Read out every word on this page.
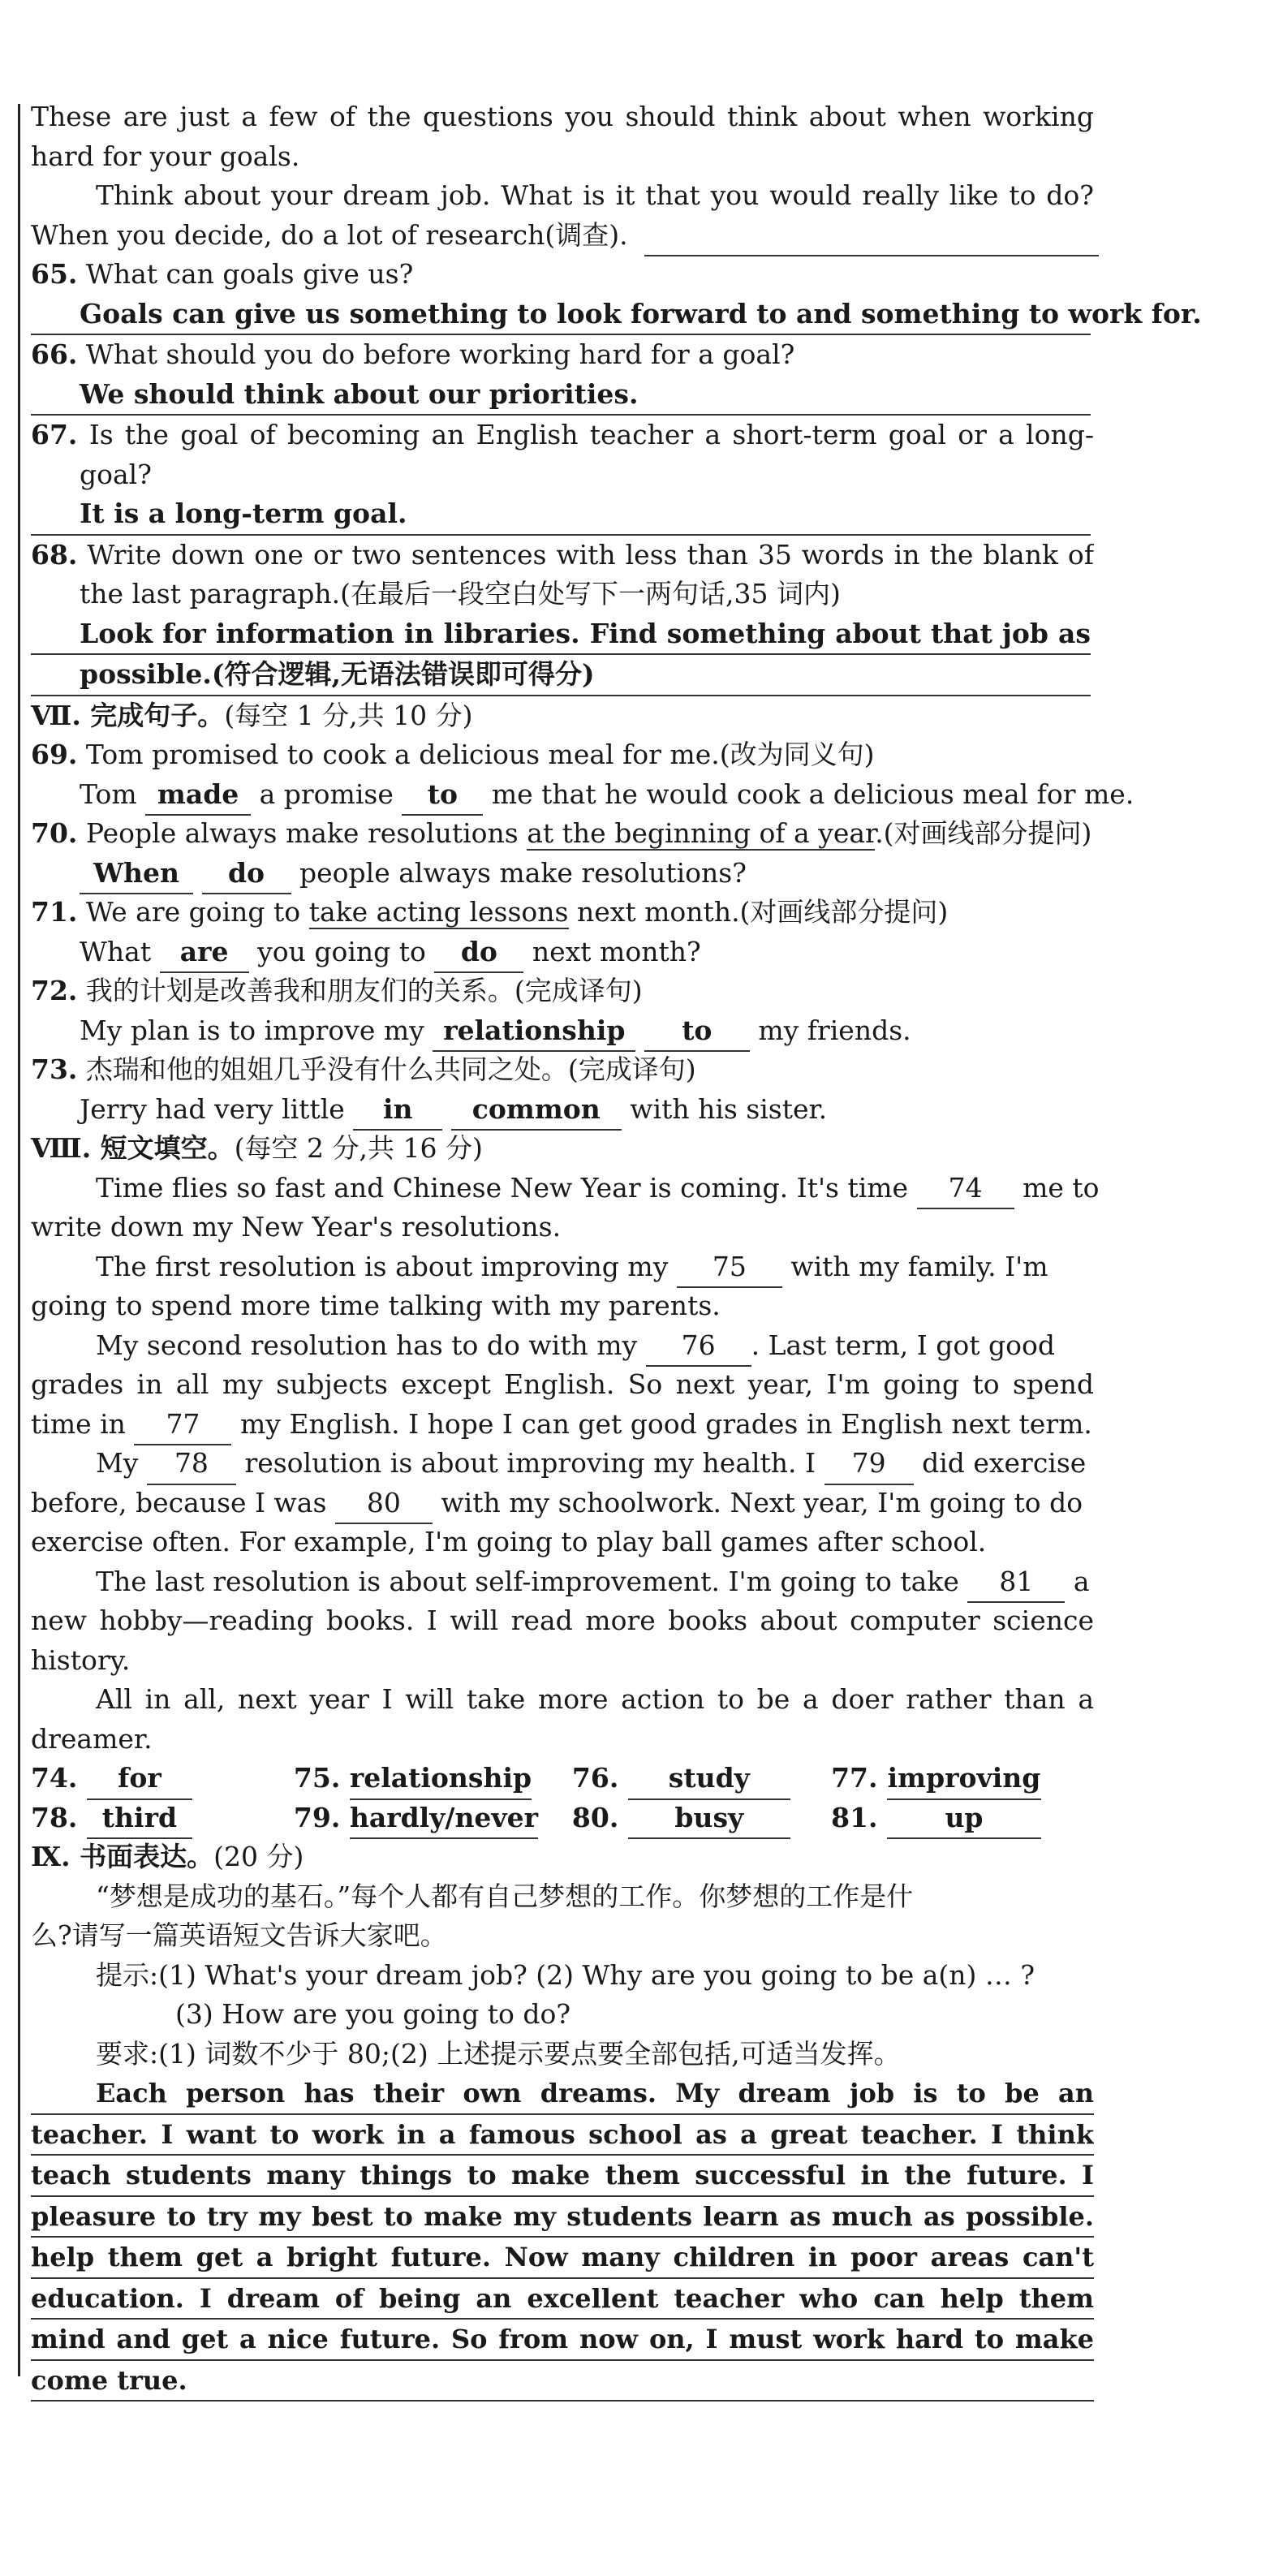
These are just a few of the questions you should think about when working
hard for your goals.
Think about your dream job. What is it that you would really like to do?
When you decide, do a lot of research(调查).
65. What can goals give us?
Goals can give us something to look forward to and something to work for.
66. What should you do before working hard for a goal?
We should think about our priorities.
67. Is the goal of becoming an English teacher a short-term goal or a long-
goal?
It is a long-term goal.
68. Write down one or two sentences with less than 35 words in the blank of
the last paragraph.(在最后一段空白处写下一两句话,35 词内)
Look for information in libraries. Find something about that job as
possible.(符合逻辑,无语法错误即可得分)
Ⅶ. 完成句子。(每空 1 分,共 10 分)
69. Tom promised to cook a delicious meal for me.(改为同义句)
Tom made a promise to me that he would cook a delicious meal for me.
70. People always make resolutions at the beginning of a year.(对画线部分提问)
When do people always make resolutions?
71. We are going to take acting lessons next month.(对画线部分提问)
What are you going to do next month?
72. 我的计划是改善我和朋友们的关系。(完成译句)
My plan is to improve my relationship to my friends.
73. 杰瑞和他的姐姐几乎没有什么共同之处。(完成译句)
Jerry had very little in common with his sister.
Ⅷ. 短文填空。(每空 2 分,共 16 分)
Time flies so fast and Chinese New Year is coming. It's time 74 me to
write down my New Year's resolutions.
The first resolution is about improving my 75 with my family. I'm
going to spend more time talking with my parents.
My second resolution has to do with my 76 . Last term, I got good
grades in all my subjects except English. So next year, I'm going to spend
time in 77 my English. I hope I can get good grades in English next term.
My 78 resolution is about improving my health. I 79 did exercise
before, because I was 80 with my schoolwork. Next year, I'm going to do
exercise often. For example, I'm going to play ball games after school.
The last resolution is about self-improvement. I'm going to take 81 a
new hobby—reading books. I will read more books about computer science
history.
All in all, next year I will take more action to be a doer rather than a
dreamer.
74. for	75. relationship	76. study	77. improving
78. third	79. hardly/never	80. busy	81.	up
Ⅸ. 书面表达。(20 分)
“梦想是成功的基石。”每个人都有自己梦想的工作。你梦想的工作是什
么?请写一篇英语短文告诉大家吧。
提示:(1) What's your dream job? (2) Why are you going to be a(n) … ?
(3) How are you going to do?
要求:(1) 词数不少于 80;(2) 上述提示要点要全部包括,可适当发挥。
Each person has their own dreams. My dream job is to be an
teacher. I want to work in a famous school as a great teacher. I think
teach students many things to make them successful in the future. I
pleasure to try my best to make my students learn as much as possible.
help them get a bright future. Now many children in poor areas can't
education. I dream of being an excellent teacher who can help them
mind and get a nice future. So from now on, I must work hard to make
come true.
